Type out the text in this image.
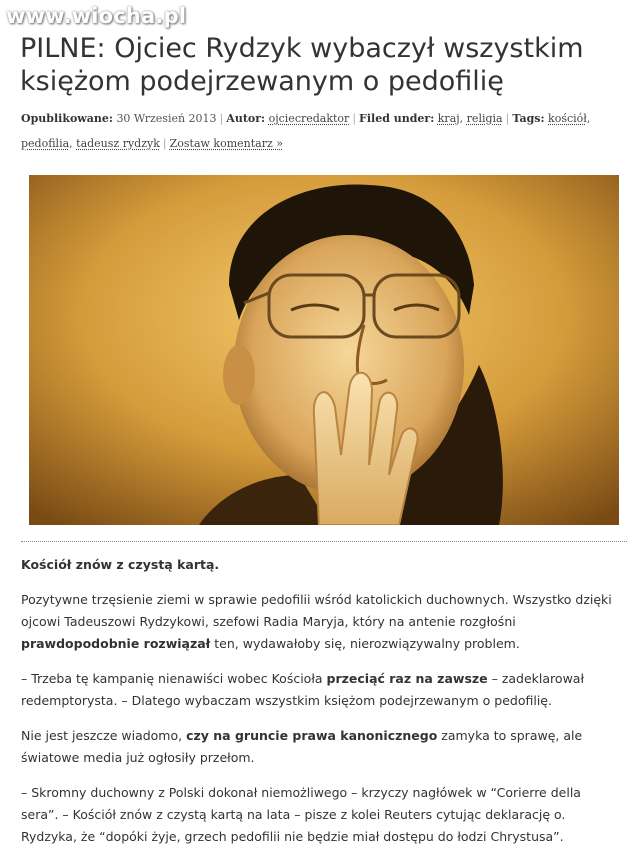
www.wiocha.pl
PILNE: Ojciec Rydzyk wybaczył wszystkim księżom podejrzewanym o pedofilię
Opublikowane: 30 Wrzesień 2013 | Autor: ojciecredaktor | Filed under: kraj, religia | Tags: kościół,
pedofilia, tadeusz rydzyk | Zostaw komentarz »

Kościół znów z czystą kartą.

Pozytywne trzęsienie ziemi w sprawie pedofilii wśród katolickich duchownych. Wszystko dzięki ojcowi Tadeuszowi Rydzykowi, szefowi Radia Maryja, który na antenie rozgłośni prawdopodobnie rozwiązał ten, wydawałoby się, nierozwiązywalny problem.

– Trzeba tę kampanię nienawiści wobec Kościoła przeciąć raz na zawsze – zadeklarował redemptorysta. – Dlatego wybaczam wszystkim księżom podejrzewanym o pedofilię.

Nie jest jeszcze wiadomo, czy na gruncie prawa kanonicznego zamyka to sprawę, ale światowe media już ogłosiły przełom.

– Skromny duchowny z Polski dokonał niemożliwego – krzyczy nagłówek w “Corierre della sera”. – Kościół znów z czystą kartą na lata – pisze z kolei Reuters cytując deklarację o. Rydzyka, że “dopóki żyje, grzech pedofilii nie będzie miał dostępu do łodzi Chrystusa”.
